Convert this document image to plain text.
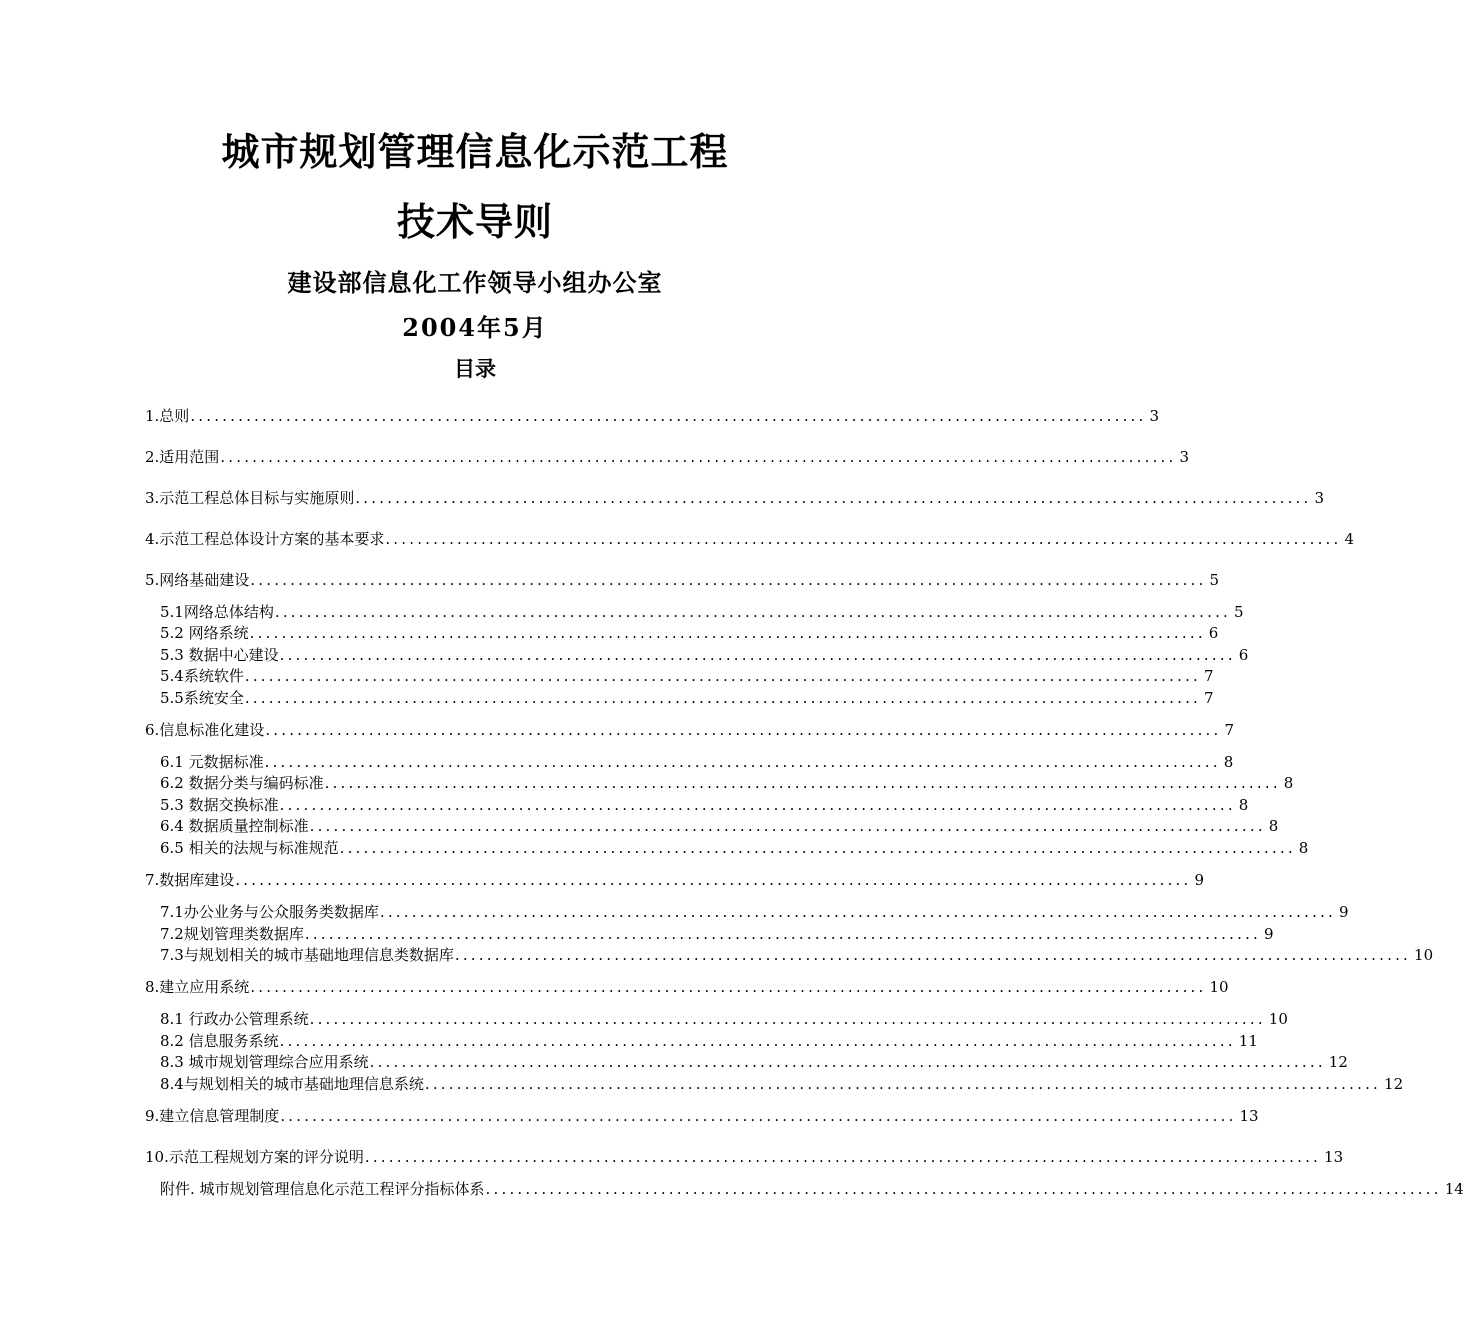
城市规划管理信息化示范工程
技术导则
建设部信息化工作领导小组办公室
2004年5月
目录
1.总则 ........................................................................................................................ 3
2.适用范围 ........................................................................................................................ 3
3.示范工程总体目标与实施原则 ........................................................................................................................ 3
4.示范工程总体设计方案的基本要求 ........................................................................................................................ 4
5.网络基础建设 ........................................................................................................................ 5
5.1网络总体结构 ........................................................................................................................ 5
5.2 网络系统 ........................................................................................................................ 6
5.3 数据中心建设 ........................................................................................................................ 6
5.4系统软件 ........................................................................................................................ 7
5.5系统安全 ........................................................................................................................ 7
6.信息标准化建设 ........................................................................................................................ 7
6.1 元数据标准 ........................................................................................................................ 8
6.2 数据分类与编码标准 ........................................................................................................................ 8
5.3 数据交换标准 ........................................................................................................................ 8
6.4 数据质量控制标准 ........................................................................................................................ 8
6.5 相关的法规与标准规范 ........................................................................................................................ 8
7.数据库建设 ........................................................................................................................ 9
7.1办公业务与公众服务类数据库 ........................................................................................................................ 9
7.2规划管理类数据库 ........................................................................................................................ 9
7.3与规划相关的城市基础地理信息类数据库 ........................................................................................................................ 10
8.建立应用系统 ........................................................................................................................ 10
8.1 行政办公管理系统 ........................................................................................................................ 10
8.2 信息服务系统 ........................................................................................................................ 11
8.3 城市规划管理综合应用系统 ........................................................................................................................ 12
8.4与规划相关的城市基础地理信息系统 ........................................................................................................................ 12
9.建立信息管理制度 ........................................................................................................................ 13
10.示范工程规划方案的评分说明 ........................................................................................................................ 13
附件. 城市规划管理信息化示范工程评分指标体系 ........................................................................................................................ 14
